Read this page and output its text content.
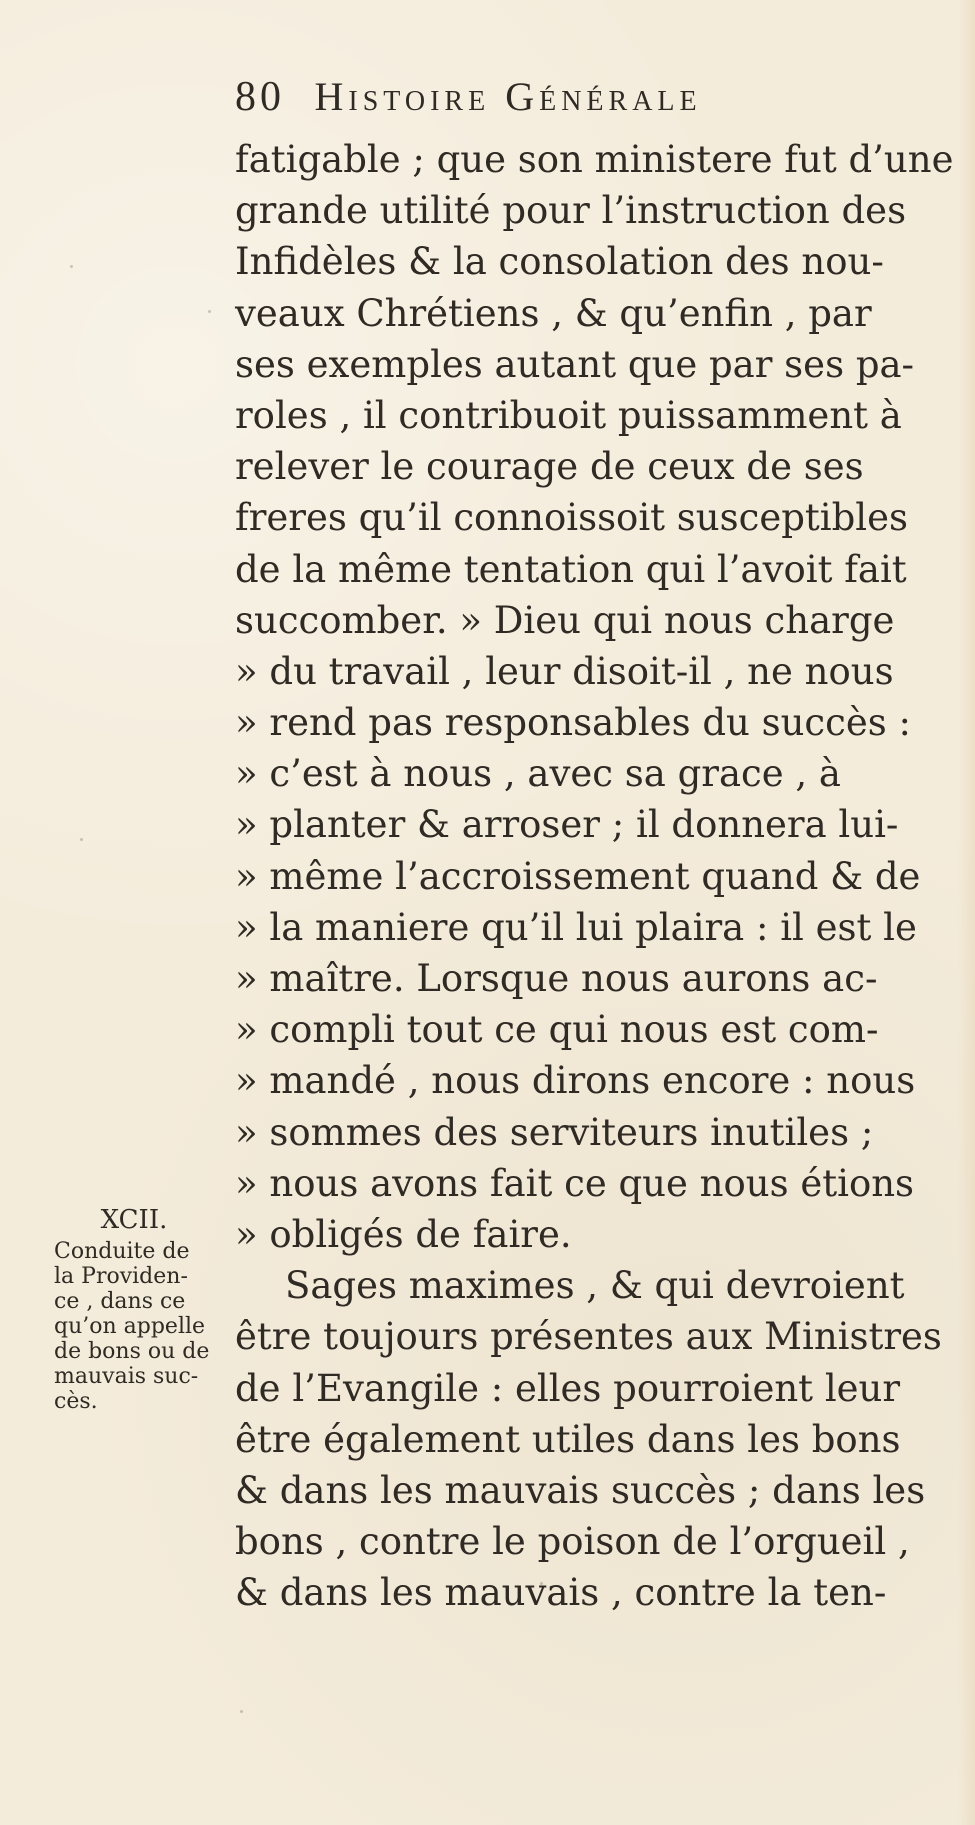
80 Histoire Générale
fatigable ; que son ministere fut d’une
grande utilité pour l’instruction des
Infidèles & la consolation des nou-
veaux Chrétiens , & qu’enfin , par
ses exemples autant que par ses pa-
roles , il contribuoit puissamment à
relever le courage de ceux de ses
freres qu’il connoissoit susceptibles
de la même tentation qui l’avoit fait
succomber. » Dieu qui nous charge
» du travail , leur disoit-il , ne nous
» rend pas responsables du succès :
» c’est à nous , avec sa grace , à
» planter & arroser ; il donnera lui-
» même l’accroissement quand & de
» la maniere qu’il lui plaira : il est le
» maître. Lorsque nous aurons ac-
» compli tout ce qui nous est com-
» mandé , nous dirons encore : nous
» sommes des serviteurs inutiles ;
» nous avons fait ce que nous étions
» obligés de faire.
Sages maximes , & qui devroient
être toujours présentes aux Ministres
de l’Evangile : elles pourroient leur
être également utiles dans les bons
& dans les mauvais succès ; dans les
bons , contre le poison de l’orgueil ,
& dans les mauvais , contre la ten-
XCII.
Conduite de
la Providen-
ce , dans ce
qu’on appelle
de bons ou de
mauvais suc-
cès.
